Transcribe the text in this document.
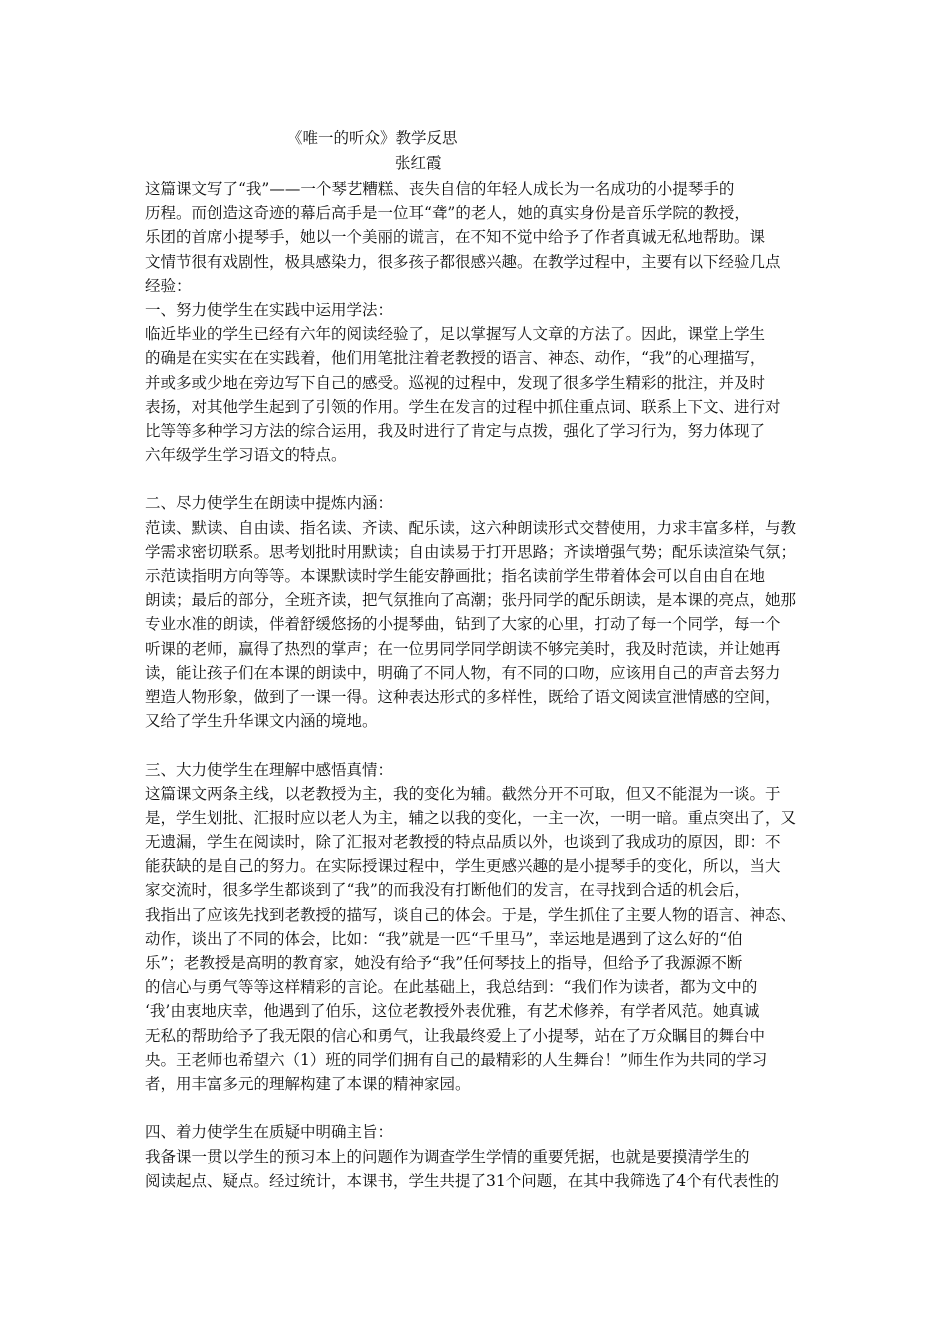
《唯一的听众》教学反思
张红霞
这篇课文写了“我”——一个琴艺糟糕、丧失自信的年轻人成长为一名成功的小提琴手的
历程。而创造这奇迹的幕后高手是一位耳“聋”的老人，她的真实身份是音乐学院的教授，
乐团的首席小提琴手，她以一个美丽的谎言，在不知不觉中给予了作者真诚无私地帮助。课
文情节很有戏剧性，极具感染力，很多孩子都很感兴趣。在教学过程中，主要有以下经验几点
经验：
一、努力使学生在实践中运用学法：
临近毕业的学生已经有六年的阅读经验了，足以掌握写人文章的方法了。因此，课堂上学生
的确是在实实在在实践着，他们用笔批注着老教授的语言、神态、动作，“我”的心理描写，
并或多或少地在旁边写下自己的感受。巡视的过程中，发现了很多学生精彩的批注，并及时
表扬，对其他学生起到了引领的作用。学生在发言的过程中抓住重点词、联系上下文、进行对
比等等多种学习方法的综合运用，我及时进行了肯定与点拨，强化了学习行为，努力体现了
六年级学生学习语文的特点。
二、尽力使学生在朗读中提炼内涵：
范读、默读、自由读、指名读、齐读、配乐读，这六种朗读形式交替使用，力求丰富多样，与教
学需求密切联系。思考划批时用默读；自由读易于打开思路；齐读增强气势；配乐读渲染气氛；
示范读指明方向等等。本课默读时学生能安静画批；指名读前学生带着体会可以自由自在地
朗读；最后的部分，全班齐读，把气氛推向了高潮；张丹同学的配乐朗读，是本课的亮点，她那
专业水准的朗读，伴着舒缓悠扬的小提琴曲，钻到了大家的心里，打动了每一个同学，每一个
听课的老师，赢得了热烈的掌声；在一位男同学同学朗读不够完美时，我及时范读，并让她再
读，能让孩子们在本课的朗读中，明确了不同人物，有不同的口吻，应该用自己的声音去努力
塑造人物形象，做到了一课一得。这种表达形式的多样性，既给了语文阅读宣泄情感的空间，
又给了学生升华课文内涵的境地。
三、大力使学生在理解中感悟真情：
这篇课文两条主线，以老教授为主，我的变化为辅。截然分开不可取，但又不能混为一谈。于
是，学生划批、汇报时应以老人为主，辅之以我的变化，一主一次，一明一暗。重点突出了，又
无遗漏，学生在阅读时，除了汇报对老教授的特点品质以外，也谈到了我成功的原因，即：不
能获缺的是自己的努力。在实际授课过程中，学生更感兴趣的是小提琴手的变化，所以，当大
家交流时，很多学生都谈到了“我”的而我没有打断他们的发言，在寻找到合适的机会后，
我指出了应该先找到老教授的描写，谈自己的体会。于是，学生抓住了主要人物的语言、神态、
动作，谈出了不同的体会，比如：“我”就是一匹“千里马”，幸运地是遇到了这么好的“伯
乐”；老教授是高明的教育家，她没有给予“我”任何琴技上的指导，但给予了我源源不断
的信心与勇气等等这样精彩的言论。在此基础上，我总结到：“我们作为读者，都为文中的
‘我’由衷地庆幸，他遇到了伯乐，这位老教授外表优雅，有艺术修养，有学者风范。她真诚
无私的帮助给予了我无限的信心和勇气，让我最终爱上了小提琴，站在了万众瞩目的舞台中
央。王老师也希望六（1）班的同学们拥有自己的最精彩的人生舞台！”师生作为共同的学习
者，用丰富多元的理解构建了本课的精神家园。
四、着力使学生在质疑中明确主旨：
我备课一贯以学生的预习本上的问题作为调查学生学情的重要凭据，也就是要摸清学生的
阅读起点、疑点。经过统计，本课书，学生共提了31个问题，在其中我筛选了4个有代表性的
